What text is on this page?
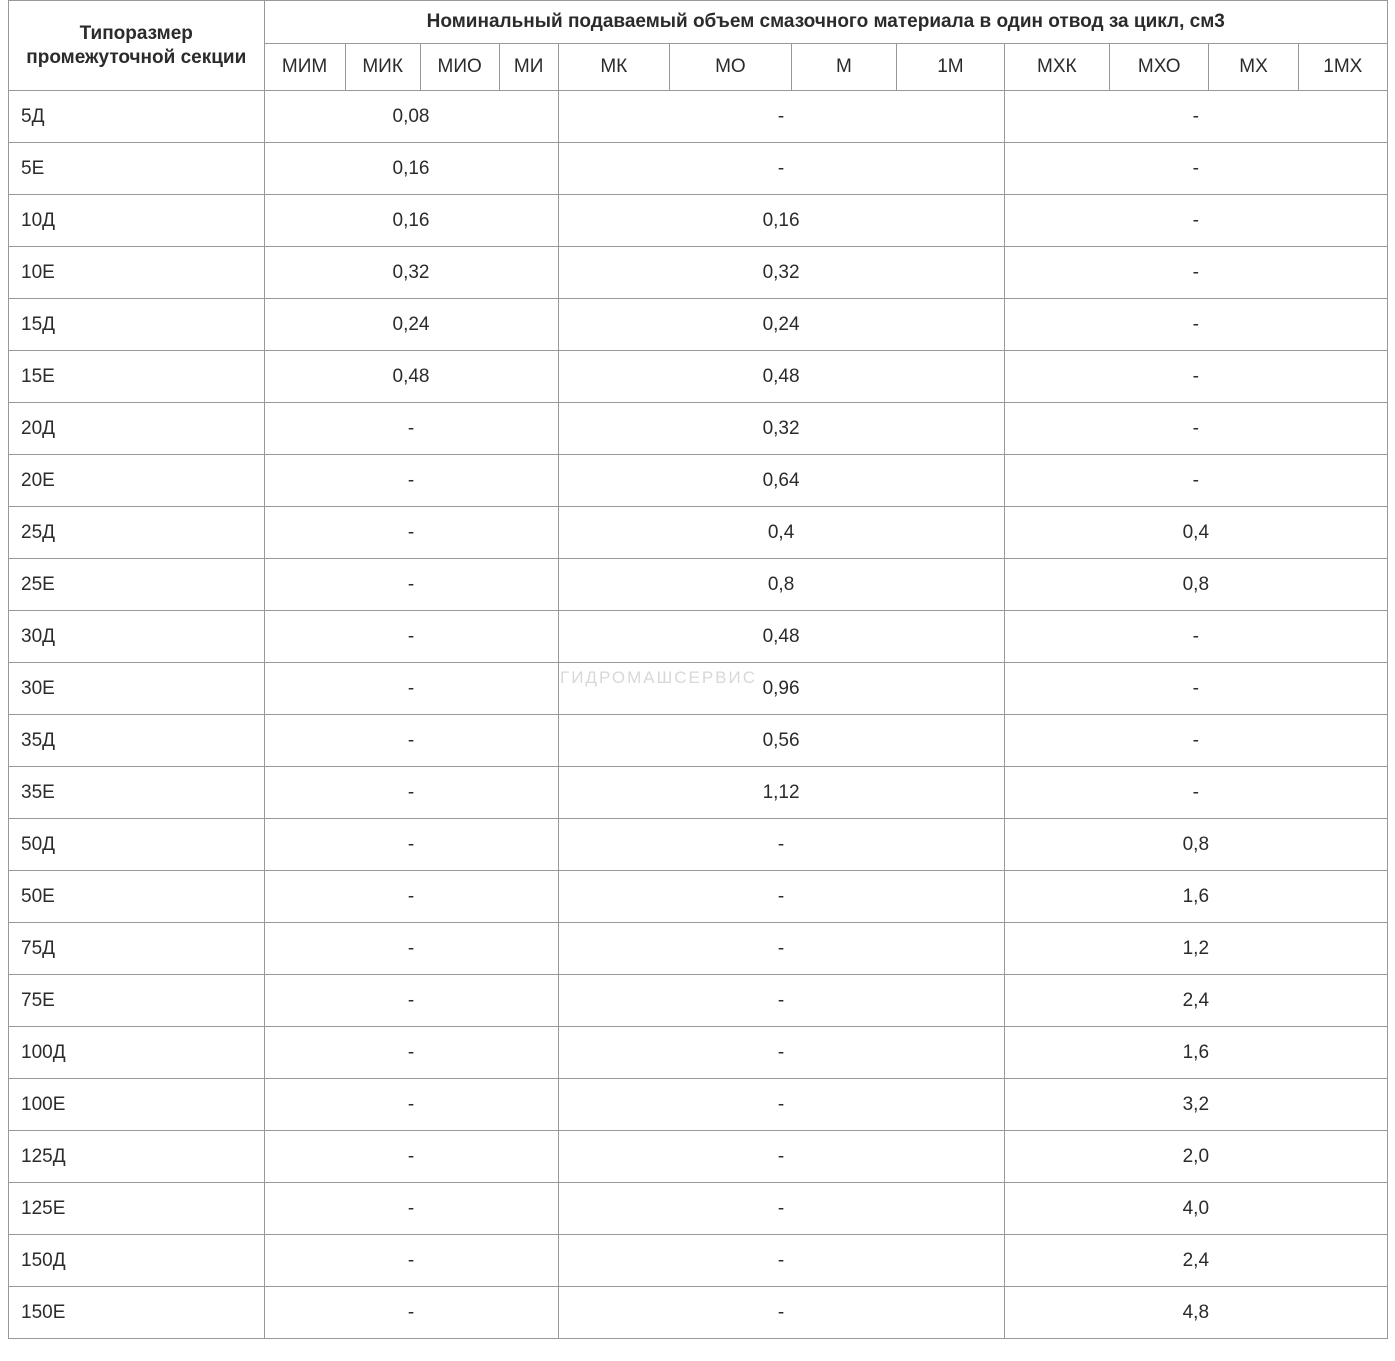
Типоразмер промежуточной секции	Номинальный подаваемый объем смазочного материала в один отвод за цикл, см3											
	МИМ	МИК	МИО	МИ	МК	МО	М	1М	МХК	МХО	МХ	1МХ
5Д	0,08				-				-			
5Е	0,16				-				-			
10Д	0,16				0,16				-			
10Е	0,32				0,32				-			
15Д	0,24				0,24				-			
15Е	0,48				0,48				-			
20Д	-				0,32				-			
20Е	-				0,64				-			
25Д	-				0,4				0,4			
25Е	-				0,8				0,8			
30Д	-				0,48				-			
30Е	-				0,96				-			
35Д	-				0,56				-			
35Е	-				1,12				-			
50Д	-				-				0,8			
50Е	-				-				1,6			
75Д	-				-				1,2			
75Е	-				-				2,4			
100Д	-				-				1,6			
100Е	-				-				3,2			
125Д	-				-				2,0			
125Е	-				-				4,0			
150Д	-				-				2,4			
150Е	-				-				4,8			
ГИДРОМАШСЕРВИС
